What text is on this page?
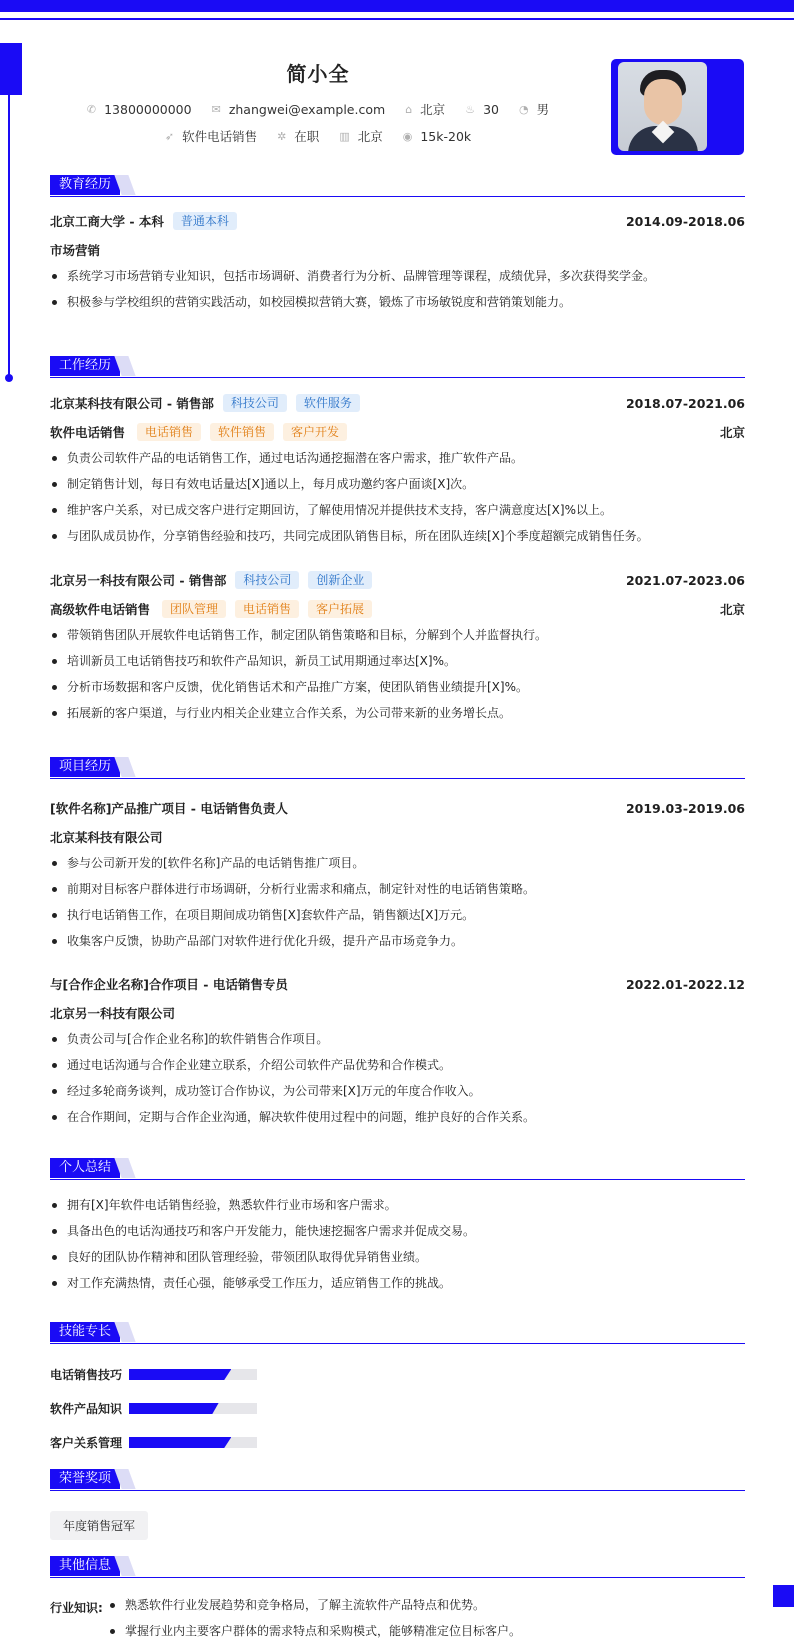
简小全
✆ 13800000000 ✉ zhangwei@example.com ⌂ 北京 ♨ 30 ◔ 男
➶ 软件电话销售 ✲ 在职 ▥ 北京 ◉ 15k-20k
教育经历
北京工商大学 - 本科	普通本科	2014.09-2018.06
市场营销
系统学习市场营销专业知识，包括市场调研、消费者行为分析、品牌管理等课程，成绩优异，多次获得奖学金。
积极参与学校组织的营销实践活动，如校园模拟营销大赛，锻炼了市场敏锐度和营销策划能力。
工作经历
北京某科技有限公司 - 销售部	科技公司	软件服务	2018.07-2021.06
软件电话销售	电话销售	软件销售	客户开发	北京
负责公司软件产品的电话销售工作，通过电话沟通挖掘潜在客户需求，推广软件产品。
制定销售计划，每日有效电话量达[X]通以上，每月成功邀约客户面谈[X]次。
维护客户关系，对已成交客户进行定期回访，了解使用情况并提供技术支持，客户满意度达[X]%以上。
与团队成员协作，分享销售经验和技巧，共同完成团队销售目标，所在团队连续[X]个季度超额完成销售任务。
北京另一科技有限公司 - 销售部	科技公司	创新企业	2021.07-2023.06
高级软件电话销售	团队管理	电话销售	客户拓展	北京
带领销售团队开展软件电话销售工作，制定团队销售策略和目标，分解到个人并监督执行。
培训新员工电话销售技巧和软件产品知识，新员工试用期通过率达[X]%。
分析市场数据和客户反馈，优化销售话术和产品推广方案，使团队销售业绩提升[X]%。
拓展新的客户渠道，与行业内相关企业建立合作关系，为公司带来新的业务增长点。
项目经历
[软件名称]产品推广项目 - 电话销售负责人	2019.03-2019.06
北京某科技有限公司
参与公司新开发的[软件名称]产品的电话销售推广项目。
前期对目标客户群体进行市场调研，分析行业需求和痛点，制定针对性的电话销售策略。
执行电话销售工作，在项目期间成功销售[X]套软件产品，销售额达[X]万元。
收集客户反馈，协助产品部门对软件进行优化升级，提升产品市场竞争力。
与[合作企业名称]合作项目 - 电话销售专员	2022.01-2022.12
北京另一科技有限公司
负责公司与[合作企业名称]的软件销售合作项目。
通过电话沟通与合作企业建立联系，介绍公司软件产品优势和合作模式。
经过多轮商务谈判，成功签订合作协议，为公司带来[X]万元的年度合作收入。
在合作期间，定期与合作企业沟通，解决软件使用过程中的问题，维护良好的合作关系。
个人总结
拥有[X]年软件电话销售经验，熟悉软件行业市场和客户需求。
具备出色的电话沟通技巧和客户开发能力，能快速挖掘客户需求并促成交易。
良好的团队协作精神和团队管理经验，带领团队取得优异销售业绩。
对工作充满热情，责任心强，能够承受工作压力，适应销售工作的挑战。
技能专长
电话销售技巧
软件产品知识
客户关系管理
荣誉奖项
年度销售冠军
其他信息
行业知识:	熟悉软件行业发展趋势和竞争格局，了解主流软件产品特点和优势。
掌握行业内主要客户群体的需求特点和采购模式，能够精准定位目标客户。
